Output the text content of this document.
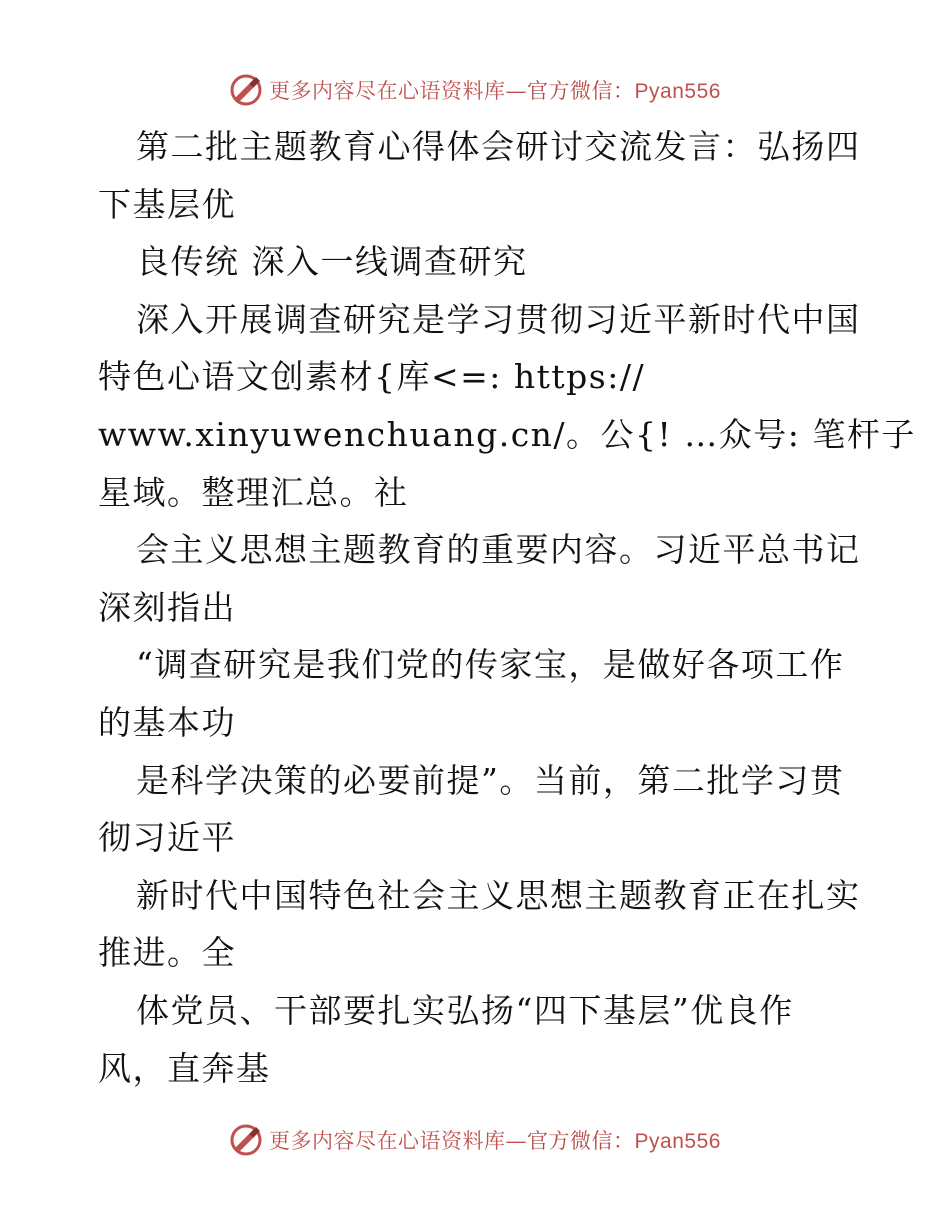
更多内容尽在心语资料库—官方微信：Pyan556
第二批主题教育心得体会研讨交流发言：弘扬四
下基层优
良传统 深入一线调查研究
深入开展调查研究是学习贯彻习近平新时代中国
特色心语文创素材{库<=: https://
www.xinyuwenchuang.cn/。公{! …众号: 笔杆子
星域。整理汇总。社
会主义思想主题教育的重要内容。习近平总书记
深刻指出
“调查研究是我们党的传家宝，是做好各项工作
的基本功
是科学决策的必要前提”。当前，第二批学习贯
彻习近平
新时代中国特色社会主义思想主题教育正在扎实
推进。全
体党员、干部要扎实弘扬“四下基层”优良作
风，直奔基
更多内容尽在心语资料库—官方微信：Pyan556
